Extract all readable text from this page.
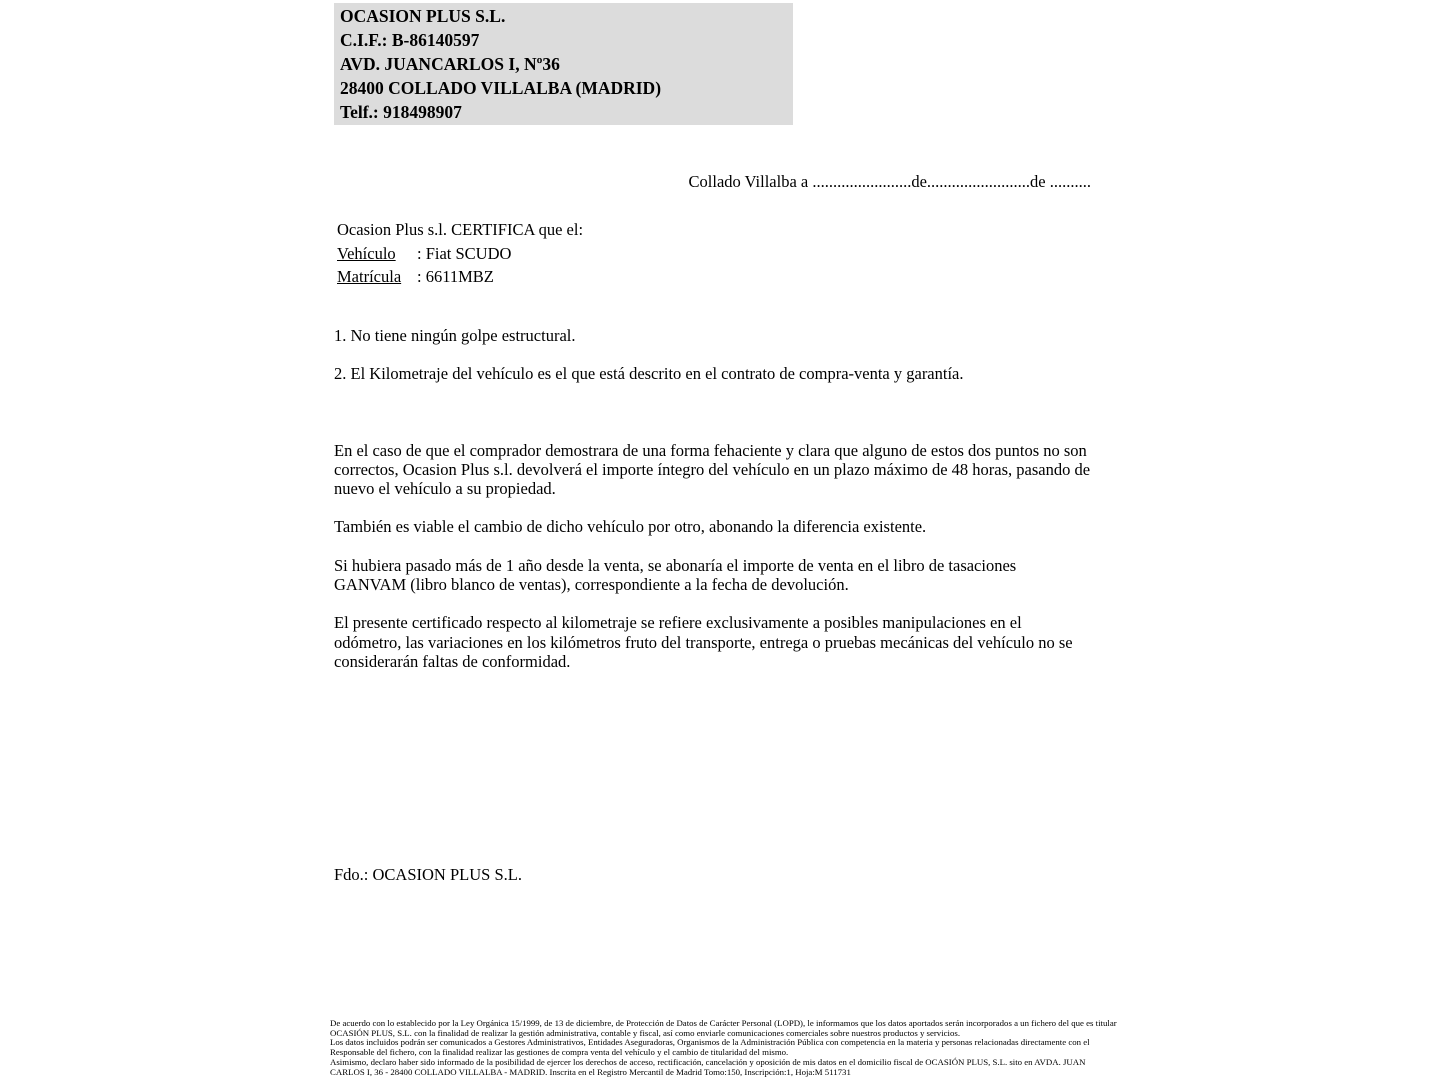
OCASION PLUS S.L.
C.I.F.: B-86140597
AVD. JUANCARLOS I, Nº36
28400 COLLADO VILLALBA (MADRID)
Telf.: 918498907
Collado Villalba a ........................de.........................de ..........
Ocasion Plus s.l. CERTIFICA que el:
Vehículo : Fiat SCUDO
Matrícula : 6611MBZ
1. No tiene ningún golpe estructural.
2. El Kilometraje del vehículo es el que está descrito en el contrato de compra-venta y garantía.
En el caso de que el comprador demostrara de una forma fehaciente y clara que alguno de estos dos puntos no son correctos, Ocasion Plus s.l. devolverá el importe íntegro del vehículo en un plazo máximo de 48 horas, pasando de nuevo el vehículo a su propiedad.
También es viable el cambio de dicho vehículo por otro, abonando la diferencia existente.
Si hubiera pasado más de 1 año desde la venta, se abonaría el importe de venta en el libro de tasaciones GANVAM (libro blanco de ventas), correspondiente a la fecha de devolución.
El presente certificado respecto al kilometraje se refiere exclusivamente a posibles manipulaciones en el odómetro, las variaciones en los kilómetros fruto del transporte, entrega o pruebas mecánicas del vehículo no se considerarán faltas de conformidad.
Fdo.: OCASION PLUS S.L.
De acuerdo con lo establecido por la Ley Orgánica 15/1999, de 13 de diciembre, de Protección de Datos de Carácter Personal (LOPD), le informamos que los datos aportados serán incorporados a un fichero del que es titular
OCASIÓN PLUS, S.L. con la finalidad de realizar la gestión administrativa, contable y fiscal, así como enviarle comunicaciones comerciales sobre nuestros productos y servicios.
Los datos incluidos podrán ser comunicados a Gestores Administrativos, Entidades Aseguradoras, Organismos de la Administración Pública con competencia en la materia y personas relacionadas directamente con el
Responsable del fichero, con la finalidad realizar las gestiones de compra venta del vehículo y el cambio de titularidad del mismo.
Asimismo, declaro haber sido informado de la posibilidad de ejercer los derechos de acceso, rectificación, cancelación y oposición de mis datos en el domicilio fiscal de OCASIÓN PLUS, S.L. sito en AVDA. JUAN
CARLOS I, 36 - 28400 COLLADO VILLALBA - MADRID. Inscrita en el Registro Mercantil de Madrid Tomo:150, Inscripción:1, Hoja:M 511731
